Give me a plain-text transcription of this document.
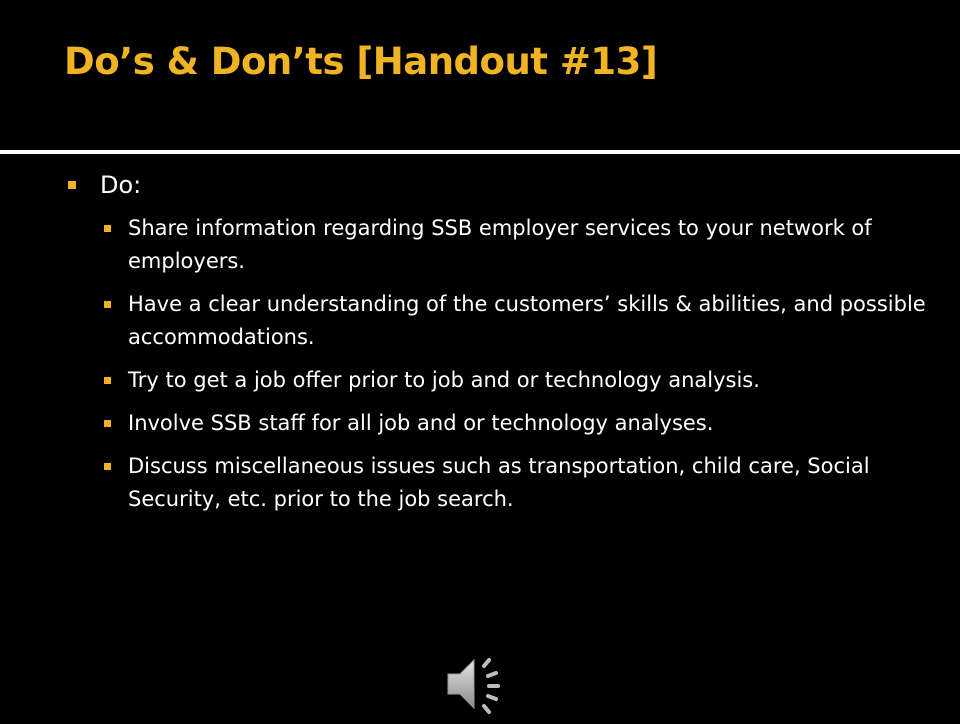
Do’s & Don’ts [Handout #13]
Do:
Share information regarding SSB employer services to your network of employers.
Have a clear understanding of the customers’ skills & abilities, and possible accommodations.
Try to get a job offer prior to job and or technology analysis.
Involve SSB staff for all job and or technology analyses.
Discuss miscellaneous issues such as transportation, child care, Social Security, etc. prior to the job search.
